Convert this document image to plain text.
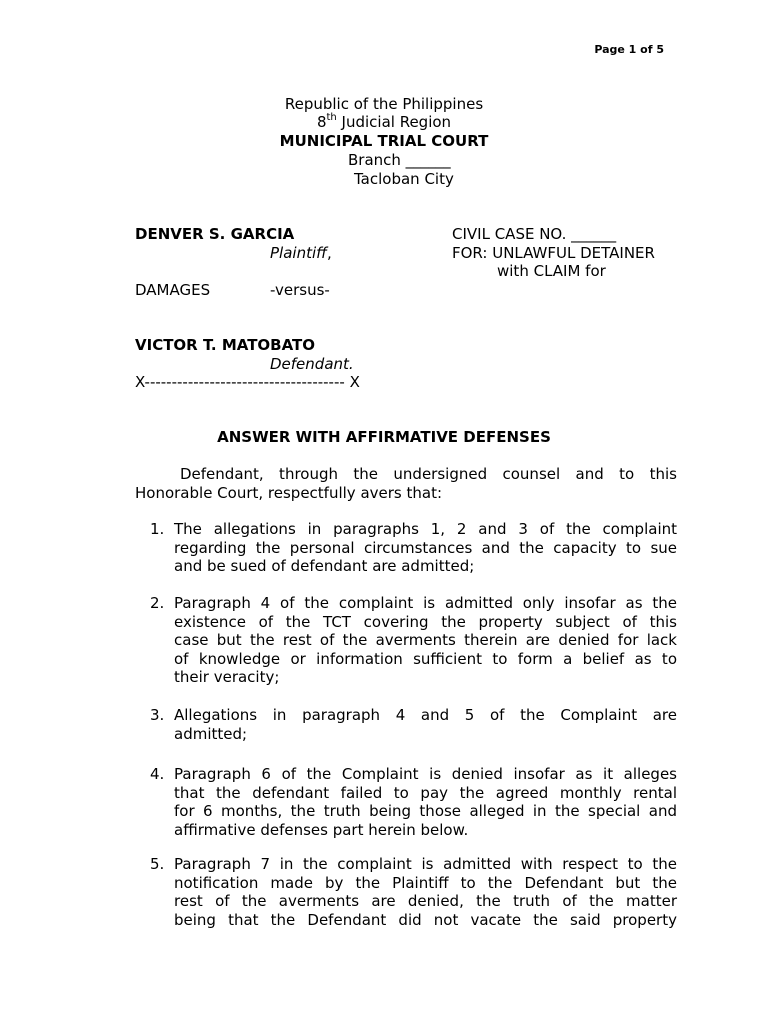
Page 1 of 5
Republic of the Philippines
8th Judicial Region
MUNICIPAL TRIAL COURT
Branch ______
Tacloban City
DENVER S. GARCIA	CIVIL CASE NO. ______
Plaintiff,	FOR: UNLAWFUL DETAINER
with CLAIM for
DAMAGES	-versus-
VICTOR T. MATOBATO
Defendant.
X------------------------------------- X
ANSWER WITH AFFIRMATIVE DEFENSES
Defendant, through the undersigned counsel and to this
Honorable Court, respectfully avers that:
1. The allegations in paragraphs 1, 2 and 3 of the complaint
regarding the personal circumstances and the capacity to sue
and be sued of defendant are admitted;
2. Paragraph 4 of the complaint is admitted only insofar as the
existence of the TCT covering the property subject of this
case but the rest of the averments therein are denied for lack
of knowledge or information sufficient to form a belief as to
their veracity;
3. Allegations in paragraph 4 and 5 of the Complaint are
admitted;
4. Paragraph 6 of the Complaint is denied insofar as it alleges
that the defendant failed to pay the agreed monthly rental
for 6 months, the truth being those alleged in the special and
affirmative defenses part herein below.
5. Paragraph 7 in the complaint is admitted with respect to the
notification made by the Plaintiff to the Defendant but the
rest of the averments are denied, the truth of the matter
being that the Defendant did not vacate the said property
